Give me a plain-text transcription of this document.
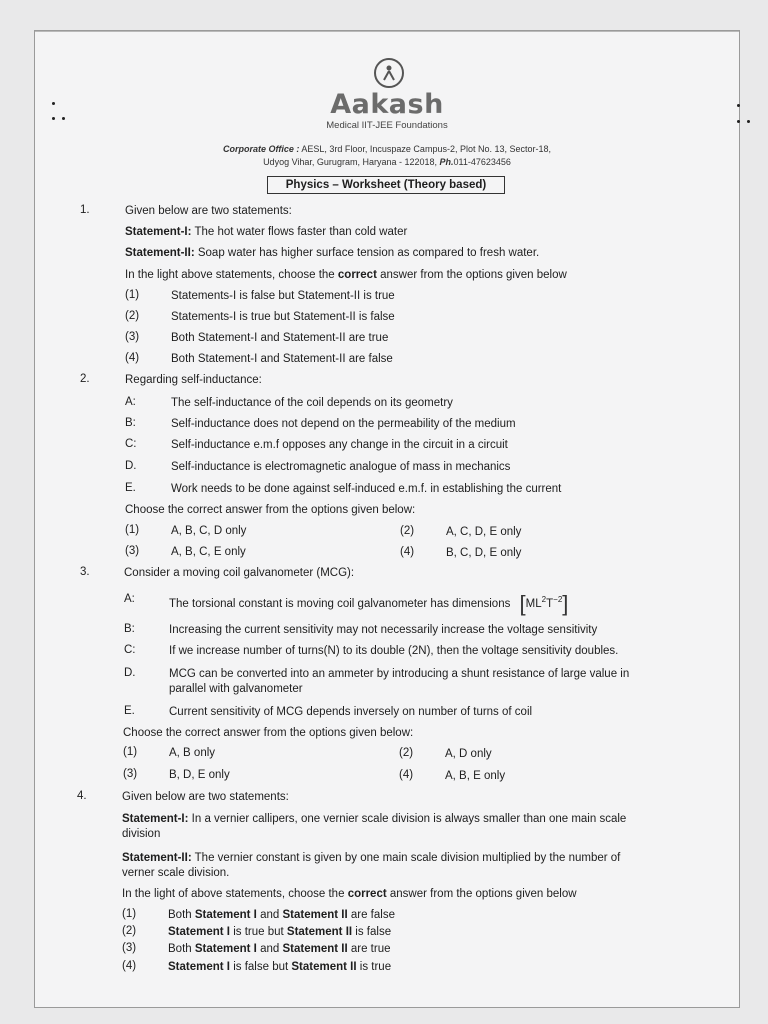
Aakash
Medical IIT-JEE Foundations
Corporate Office : AESL, 3rd Floor, Incuspaze Campus-2, Plot No. 13, Sector-18,
Udyog Vihar, Gurugram, Haryana - 122018, Ph.011-47623456
Physics – Worksheet (Theory based)
1.	Given below are two statements:
Statement-I: The hot water flows faster than cold water
Statement-II: Soap water has higher surface tension as compared to fresh water.
In the light above statements, choose the correct answer from the options given below
(1)	Statements-I is false but Statement-II is true
(2)	Statements-I is true but Statement-II is false
(3)	Both Statement-I and Statement-II are true
(4)	Both Statement-I and Statement-II are false
2.	Regarding self-inductance:
A:	The self-inductance of the coil depends on its geometry
B:	Self-inductance does not depend on the permeability of the medium
C:	Self-inductance e.m.f opposes any change in the circuit in a circuit
D.	Self-inductance is electromagnetic analogue of mass in mechanics
E.	Work needs to be done against self-induced e.m.f. in establishing the current
Choose the correct answer from the options given below:
(1)	A, B, C, D only	(2)	A, C, D, E only
(3)	A, B, C, E only	(4)	B, C, D, E only
3.	Consider a moving coil galvanometer (MCG):
A:	The torsional constant is moving coil galvanometer has dimensions $[ML^2T^{-2}]$
B:	Increasing the current sensitivity may not necessarily increase the voltage sensitivity
C:	If we increase number of turns(N) to its double (2N), then the voltage sensitivity doubles.
D.	MCG can be converted into an ammeter by introducing a shunt resistance of large value in
parallel with galvanometer
E.	Current sensitivity of MCG depends inversely on number of turns of coil
Choose the correct answer from the options given below:
(1)	A, B only	(2)	A, D only
(3)	B, D, E only	(4)	A, B, E only
4.	Given below are two statements:
Statement-I: In a vernier callipers, one vernier scale division is always smaller than one main scale
division
Statement-II: The vernier constant is given by one main scale division multiplied by the number of
verner scale division.
In the light of above statements, choose the correct answer from the options given below
(1)	Both Statement I and Statement II are false
(2)	Statement I is true but Statement II is false
(3)	Both Statement I and Statement II are true
(4)	Statement I is false but Statement II is true
